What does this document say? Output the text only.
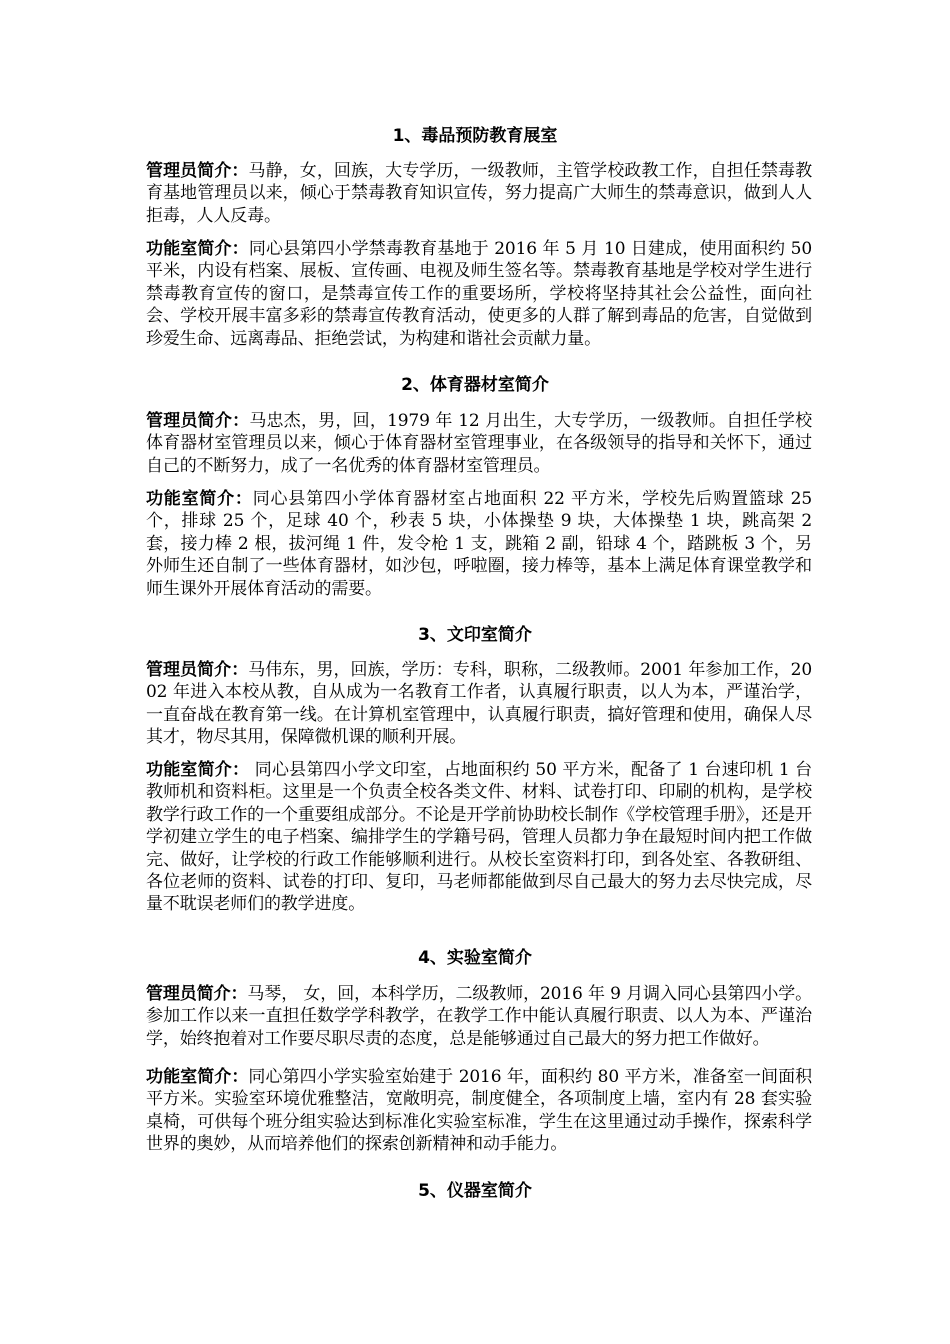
1、毒品预防教育展室
管理员简介：马静，女，回族，大专学历，一级教师，主管学校政教工作，自担任禁毒教育基地管理员以来，倾心于禁毒教育知识宣传，努力提高广大师生的禁毒意识，做到人人拒毒，人人反毒。
功能室简介：同心县第四小学禁毒教育基地于 2016 年 5 月 10 日建成，使用面积约 50 平米，内设有档案、展板、宣传画、电视及师生签名等。禁毒教育基地是学校对学生进行禁毒教育宣传的窗口，是禁毒宣传工作的重要场所，学校将坚持其社会公益性，面向社会、学校开展丰富多彩的禁毒宣传教育活动，使更多的人群了解到毒品的危害，自觉做到珍爱生命、远离毒品、拒绝尝试，为构建和谐社会贡献力量。
2、体育器材室简介
管理员简介：马忠杰，男，回，1979 年 12 月出生，大专学历，一级教师。自担任学校体育器材室管理员以来，倾心于体育器材室管理事业，在各级领导的指导和关怀下，通过自己的不断努力，成了一名优秀的体育器材室管理员。
功能室简介：同心县第四小学体育器材室占地面积 22 平方米，学校先后购置篮球 25 个，排球 25 个，足球 40 个，秒表 5 块，小体操垫 9 块，大体操垫 1 块，跳高架 2 套，接力棒 2 根，拔河绳 1 件，发令枪 1 支，跳箱 2 副，铅球 4 个，踏跳板 3 个，另外师生还自制了一些体育器材，如沙包，呼啦圈，接力棒等，基本上满足体育课堂教学和师生课外开展体育活动的需要。
3、文印室简介
管理员简介：马伟东，男，回族，学历：专科，职称，二级教师。2001 年参加工作，2002 年进入本校从教，自从成为一名教育工作者，认真履行职责，以人为本，严谨治学，一直奋战在教育第一线。在计算机室管理中，认真履行职责，搞好管理和使用，确保人尽其才，物尽其用，保障微机课的顺利开展。
功能室简介： 同心县第四小学文印室，占地面积约 50 平方米，配备了 1 台速印机 1 台教师机和资料柜。这里是一个负责全校各类文件、材料、试卷打印、印刷的机构，是学校教学行政工作的一个重要组成部分。不论是开学前协助校长制作《学校管理手册》，还是开学初建立学生的电子档案、编排学生的学籍号码，管理人员都力争在最短时间内把工作做完、做好，让学校的行政工作能够顺利进行。从校长室资料打印，到各处室、各教研组、各位老师的资料、试卷的打印、复印，马老师都能做到尽自己最大的努力去尽快完成，尽量不耽误老师们的教学进度。
4、实验室简介
管理员简介：马琴， 女，回，本科学历，二级教师，2016 年 9 月调入同心县第四小学。参加工作以来一直担任数学学科教学，在教学工作中能认真履行职责、以人为本、严谨治学，始终抱着对工作要尽职尽责的态度，总是能够通过自己最大的努力把工作做好。
功能室简介：同心第四小学实验室始建于 2016 年，面积约 80 平方米，准备室一间面积　　平方米。实验室环境优雅整洁，宽敞明亮，制度健全，各项制度上墙，室内有 28 套实验桌椅，可供每个班分组实验达到标准化实验室标准，学生在这里通过动手操作，探索科学世界的奥妙，从而培养他们的探索创新精神和动手能力。
5、仪器室简介
